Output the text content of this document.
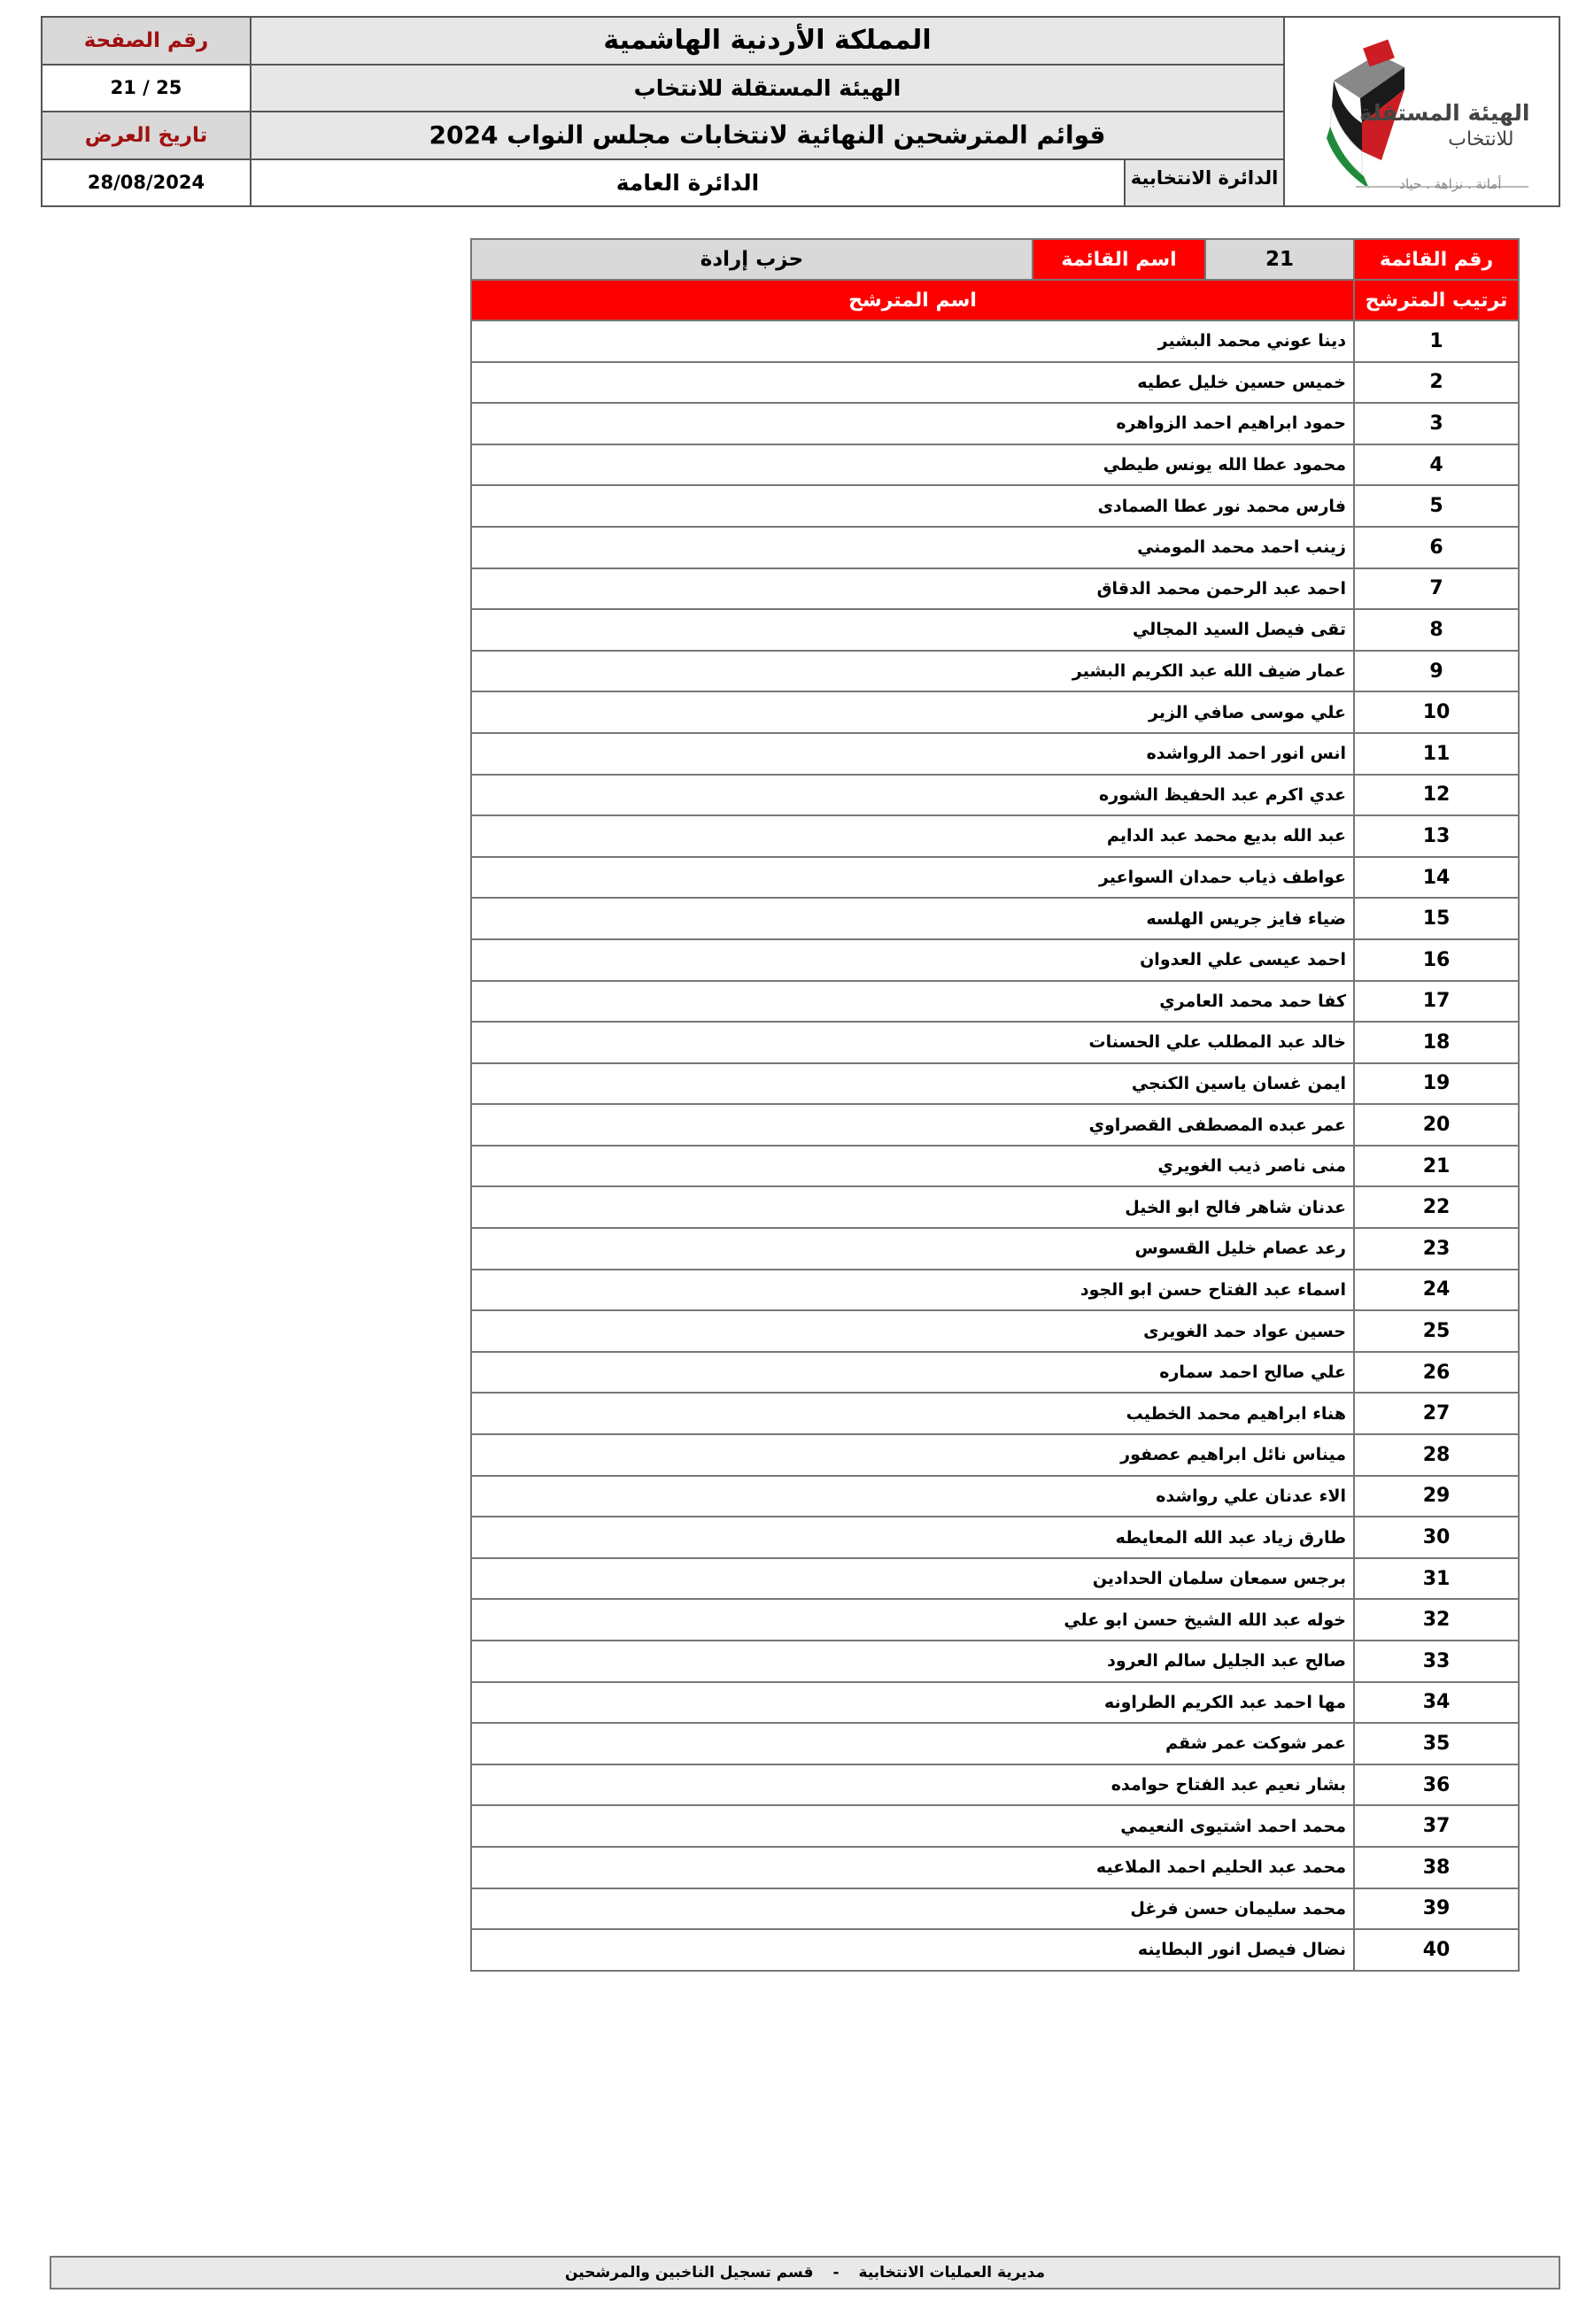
رقم الصفحة
21 / 25
تاريخ العرض
28/08/2024
المملكة الأردنية الهاشمية
الهيئة المستقلة للانتخاب
قوائم المترشحين النهائية لانتخابات مجلس النواب 2024
الدائرة العامة	الدائرة الانتخابية
الهيئة المستقلة
للانتخاب
أمانة . نزاهة . حياد
رقم القائمة	21	اسم القائمة	حزب إرادة
ترتيب المترشح	اسم المترشح		
1	دينا عوني محمد البشير		
2	خميس حسين خليل عطيه		
3	حمود ابراهيم احمد الزواهره		
4	محمود عطا الله يونس طيطي		
5	فارس محمد نور عطا الصمادى		
6	زينب احمد محمد المومني		
7	احمد عبد الرحمن محمد الدقاق		
8	تقى فيصل السيد المجالي		
9	عمار ضيف الله عبد الكريم البشير		
10	علي موسى صافي الزير		
11	انس انور احمد الرواشده		
12	عدي اكرم عبد الحفيظ الشوره		
13	عبد الله بديع محمد عبد الدايم		
14	عواطف ذياب حمدان السواعير		
15	ضياء فايز جريس الهلسه		
16	احمد عيسى علي العدوان		
17	كفا حمد محمد العامري		
18	خالد عبد المطلب علي الحسنات		
19	ايمن غسان ياسين الكنجي		
20	عمر عبده المصطفى القصراوي		
21	منى ناصر ذيب الغويري		
22	عدنان شاهر فالح ابو الخيل		
23	رعد عصام خليل القسوس		
24	اسماء عبد الفتاح حسن ابو الجود		
25	حسين عواد حمد الغويرى		
26	علي صالح احمد سماره		
27	هناء ابراهيم محمد الخطيب		
28	ميناس نائل ابراهيم عصفور		
29	الاء عدنان علي رواشده		
30	طارق زياد عبد الله المعايطه		
31	برجس سمعان سلمان الحدادين		
32	خوله عبد الله الشيخ حسن ابو علي		
33	صالح عبد الجليل سالم العرود		
34	مها احمد عبد الكريم الطراونه		
35	عمر شوكت عمر شقم		
36	بشار نعيم عبد الفتاح حوامده		
37	محمد احمد اشتيوى النعيمي		
38	محمد عبد الحليم احمد الملاعيه		
39	محمد سليمان حسن فرغل		
40	نضال فيصل انور البطاينه		
مديرية العمليات الانتخابية
-
قسم تسجيل الناخبين والمرشحين
